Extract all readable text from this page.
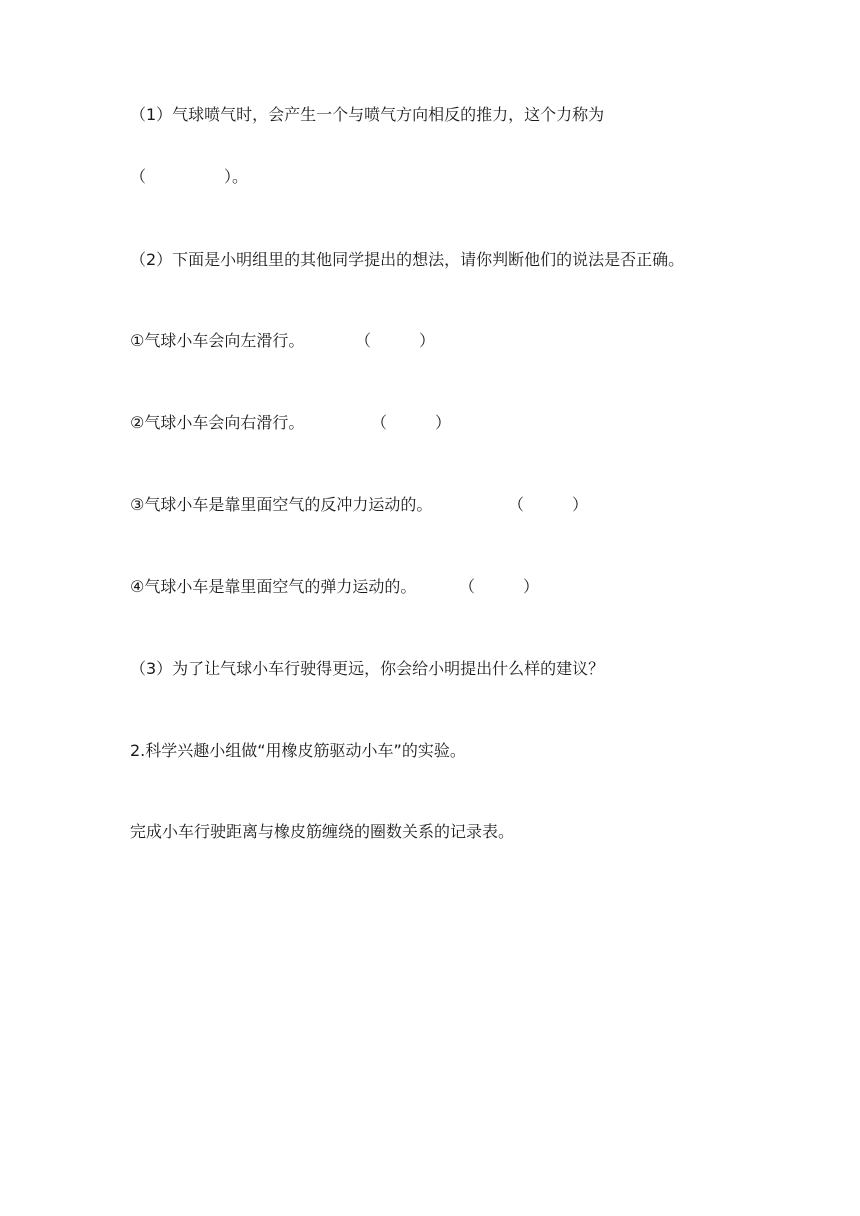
（1）气球喷气时，会产生一个与喷气方向相反的推力，这个力称为
（	）。
（2）下面是小明组里的其他同学提出的想法，请你判断他们的说法是否正确。
①气球小车会向左滑行。	（	）
②气球小车会向右滑行。	（	）
③气球小车是靠里面空气的反冲力运动的。	（	）
④气球小车是靠里面空气的弹力运动的。	（	）
（3）为了让气球小车行驶得更远，你会给小明提出什么样的建议？
2.科学兴趣小组做“用橡皮筋驱动小车”的实验。
完成小车行驶距离与橡皮筋缠绕的圈数关系的记录表。
